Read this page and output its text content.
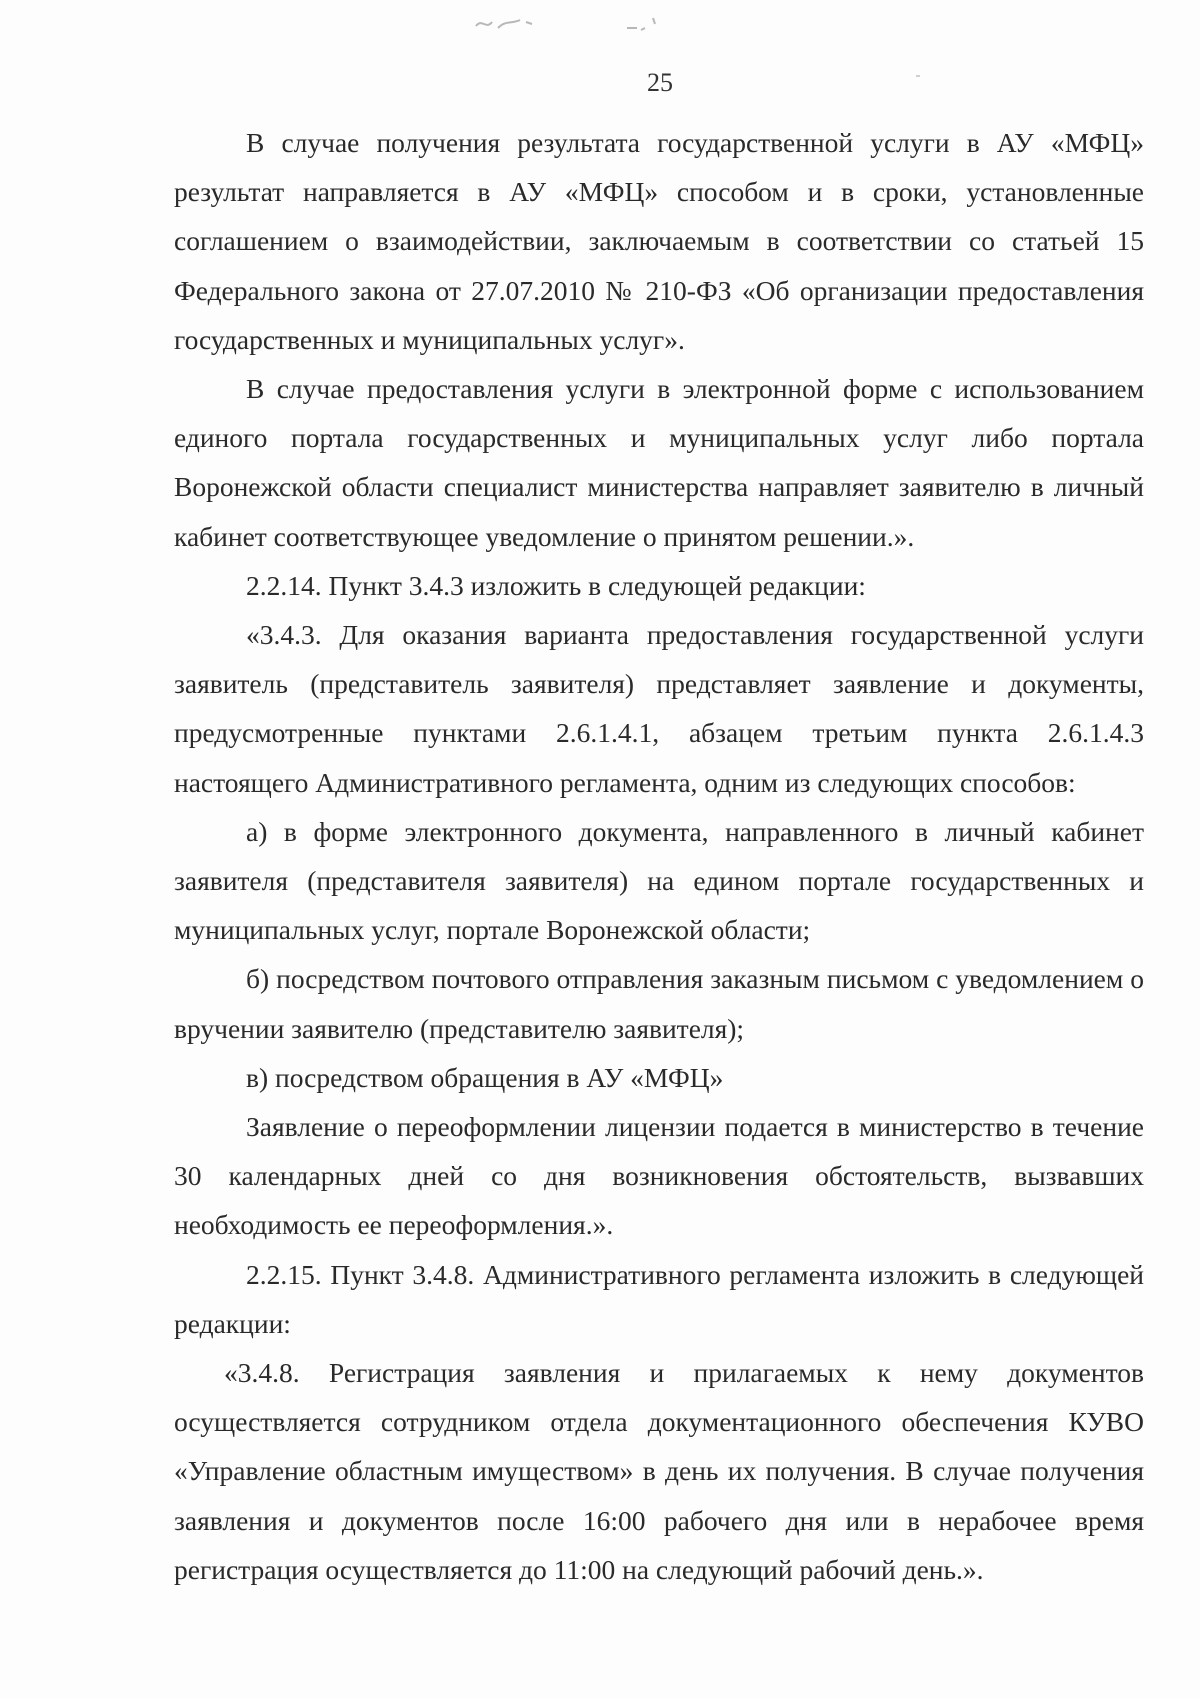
25

В случае получения результата государственной услуги в АУ «МФЦ» результат направляется в АУ «МФЦ» способом и в сроки, установленные соглашением о взаимодействии, заключаемым в соответствии со статьей 15 Федерального закона от 27.07.2010 № 210-ФЗ «Об организации предоставления государственных и муниципальных услуг».

В случае предоставления услуги в электронной форме с использованием единого портала государственных и муниципальных услуг либо портала Воронежской области специалист министерства направляет заявителю в личный кабинет соответствующее уведомление о принятом решении.».

2.2.14. Пункт 3.4.3 изложить в следующей редакции:

«3.4.3. Для оказания варианта предоставления государственной услуги заявитель (представитель заявителя) представляет заявление и документы, предусмотренные пунктами 2.6.1.4.1, абзацем третьим пункта 2.6.1.4.3 настоящего Административного регламента, одним из следующих способов:

а) в форме электронного документа, направленного в личный кабинет заявителя (представителя заявителя) на едином портале государственных и муниципальных услуг, портале Воронежской области;

б) посредством почтового отправления заказным письмом с уведомлением о вручении заявителю (представителю заявителя);

в) посредством обращения в АУ «МФЦ»

Заявление о переоформлении лицензии подается в министерство в течение 30 календарных дней со дня возникновения обстоятельств, вызвавших необходимость ее переоформления.».

2.2.15. Пункт 3.4.8. Административного регламента изложить в следующей редакции:

«3.4.8. Регистрация заявления и прилагаемых к нему документов осуществляется сотрудником отдела документационного обеспечения КУВО «Управление областным имуществом» в день их получения. В случае получения заявления и документов после 16:00 рабочего дня или в нерабочее время регистрация осуществляется до 11:00 на следующий рабочий день.».
